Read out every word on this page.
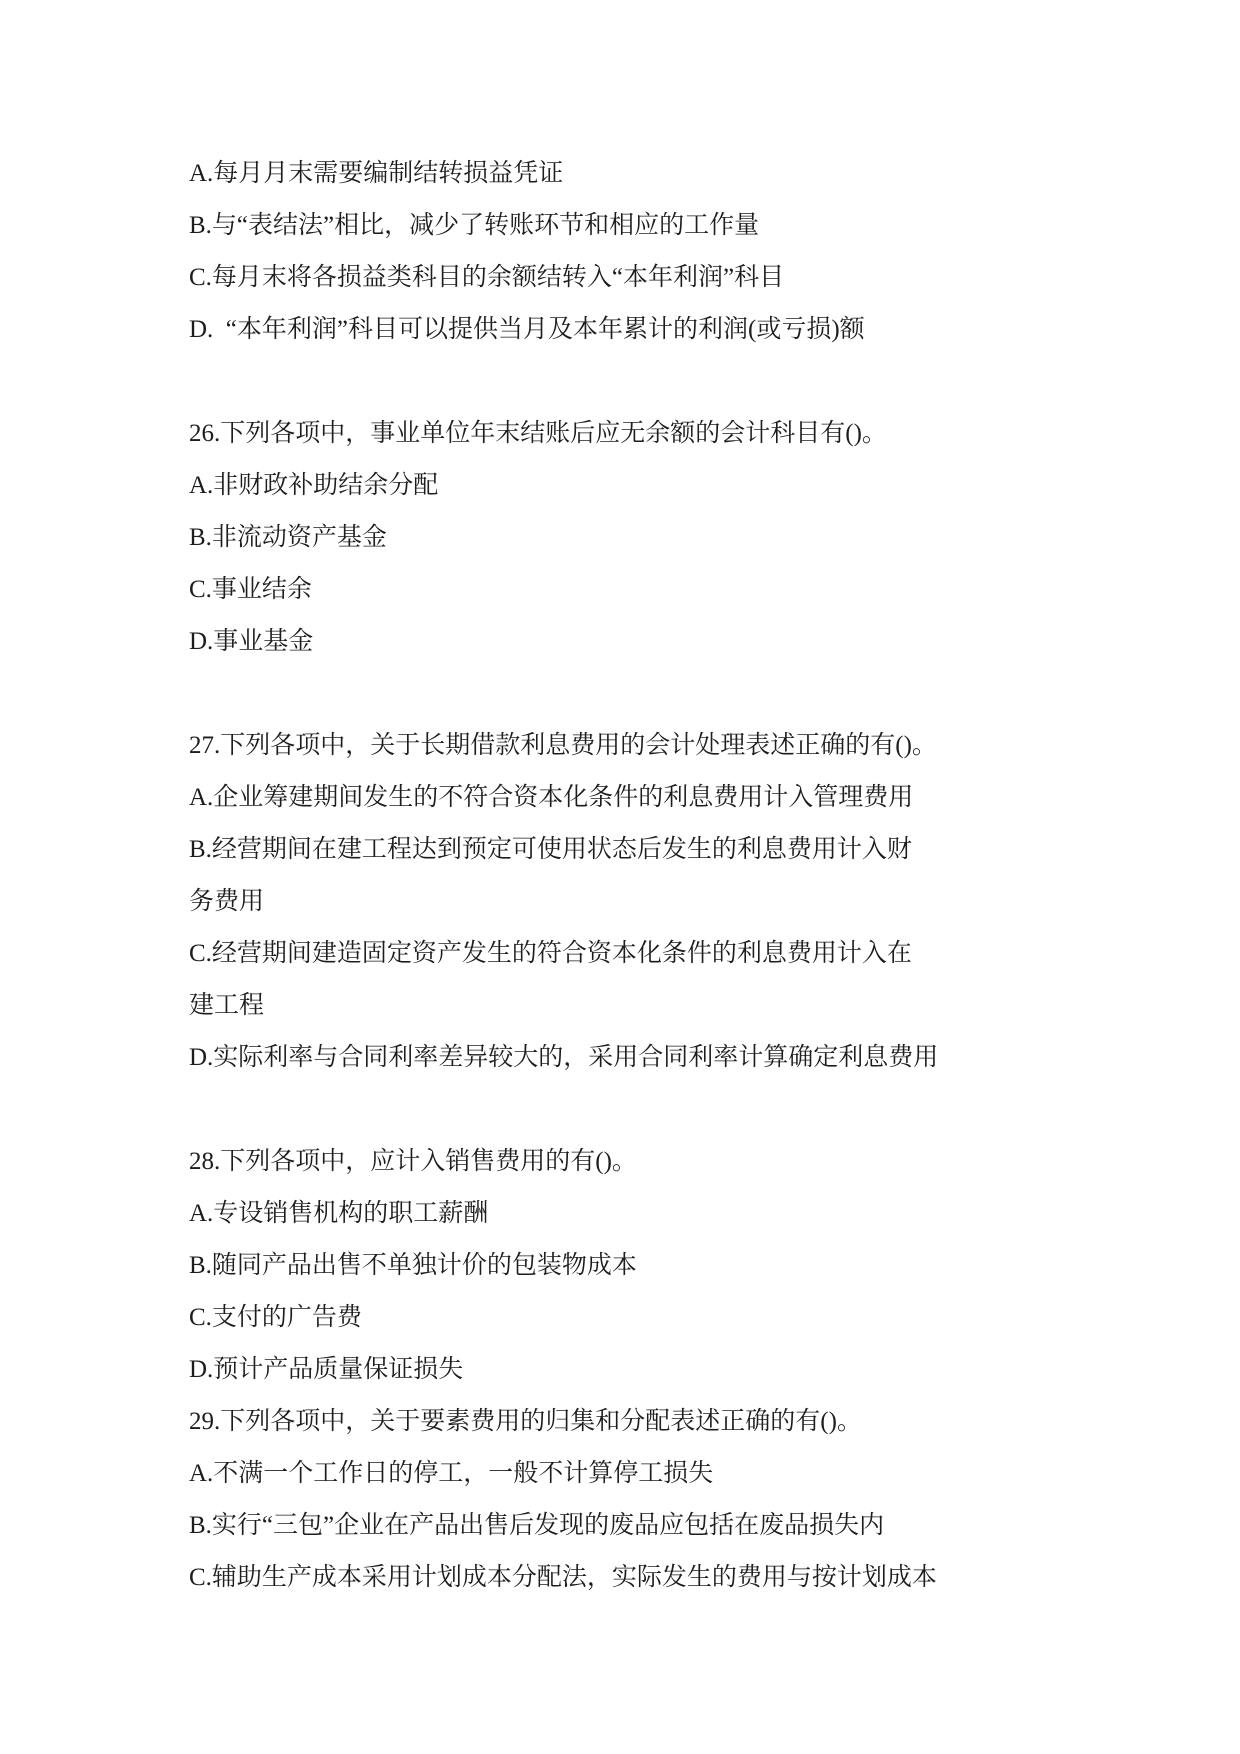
A.每月月末需要编制结转损益凭证

B.与“表结法”相比，减少了转账环节和相应的工作量

C.每月末将各损益类科目的余额结转入“本年利润”科目

D.  “本年利润”科目可以提供当月及本年累计的利润(或亏损)额

26.下列各项中，事业单位年末结账后应无余额的会计科目有()。

A.非财政补助结余分配

B.非流动资产基金

C.事业结余

D.事业基金

27.下列各项中，关于长期借款利息费用的会计处理表述正确的有()。

A.企业筹建期间发生的不符合资本化条件的利息费用计入管理费用

B.经营期间在建工程达到预定可使用状态后发生的利息费用计入财

务费用

C.经营期间建造固定资产发生的符合资本化条件的利息费用计入在

建工程

D.实际利率与合同利率差异较大的，采用合同利率计算确定利息费用

28.下列各项中，应计入销售费用的有()。

A.专设销售机构的职工薪酬

B.随同产品出售不单独计价的包装物成本

C.支付的广告费

D.预计产品质量保证损失

29.下列各项中，关于要素费用的归集和分配表述正确的有()。

A.不满一个工作日的停工，一般不计算停工损失

B.实行“三包”企业在产品出售后发现的废品应包括在废品损失内

C.辅助生产成本采用计划成本分配法，实际发生的费用与按计划成本
